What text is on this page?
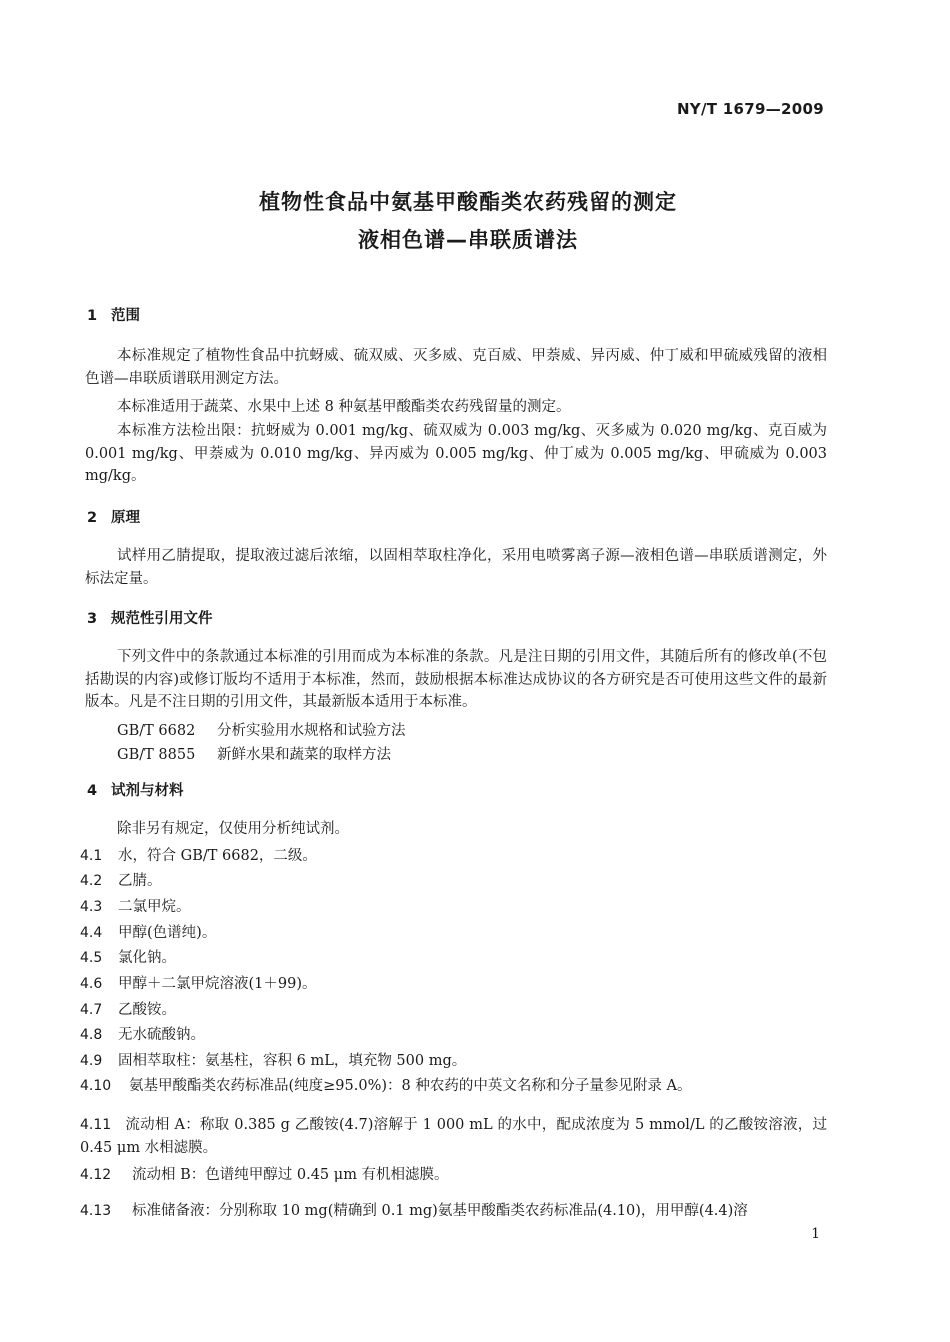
NY/T 1679—2009
植物性食品中氨基甲酸酯类农药残留的测定
液相色谱—串联质谱法
1 范围
本标准规定了植物性食品中抗蚜威、硫双威、灭多威、克百威、甲萘威、异丙威、仲丁威和甲硫威残留的液相色谱—串联质谱联用测定方法。
本标准适用于蔬菜、水果中上述 8 种氨基甲酸酯类农药残留量的测定。
本标准方法检出限：抗蚜威为 0.001 mg/kg、硫双威为 0.003 mg/kg、灭多威为 0.020 mg/kg、克百威为 0.001 mg/kg、甲萘威为 0.010 mg/kg、异丙威为 0.005 mg/kg、仲丁威为 0.005 mg/kg、甲硫威为 0.003 mg/kg。
2 原理
试样用乙腈提取，提取液过滤后浓缩，以固相萃取柱净化，采用电喷雾离子源—液相色谱—串联质谱测定，外标法定量。
3 规范性引用文件
下列文件中的条款通过本标准的引用而成为本标准的条款。凡是注日期的引用文件，其随后所有的修改单(不包括勘误的内容)或修订版均不适用于本标准，然而，鼓励根据本标准达成协议的各方研究是否可使用这些文件的最新版本。凡是不注日期的引用文件，其最新版本适用于本标准。
GB/T 6682 分析实验用水规格和试验方法
GB/T 8855 新鲜水果和蔬菜的取样方法
4 试剂与材料
除非另有规定，仅使用分析纯试剂。
4.1 水，符合 GB/T 6682，二级。
4.2 乙腈。
4.3 二氯甲烷。
4.4 甲醇(色谱纯)。
4.5 氯化钠。
4.6 甲醇＋二氯甲烷溶液(1＋99)。
4.7 乙酸铵。
4.8 无水硫酸钠。
4.9 固相萃取柱：氨基柱，容积 6 mL，填充物 500 mg。
4.10 氨基甲酸酯类农药标准品(纯度≥95.0%)：8 种农药的中英文名称和分子量参见附录 A。
4.11 流动相 A：称取 0.385 g 乙酸铵(4.7)溶解于 1 000 mL 的水中，配成浓度为 5 mmol/L 的乙酸铵溶液，过 0.45 μm 水相滤膜。
4.12 流动相 B：色谱纯甲醇过 0.45 μm 有机相滤膜。
4.13 标准储备液：分别称取 10 mg(精确到 0.1 mg)氨基甲酸酯类农药标准品(4.10)，用甲醇(4.4)溶
1
